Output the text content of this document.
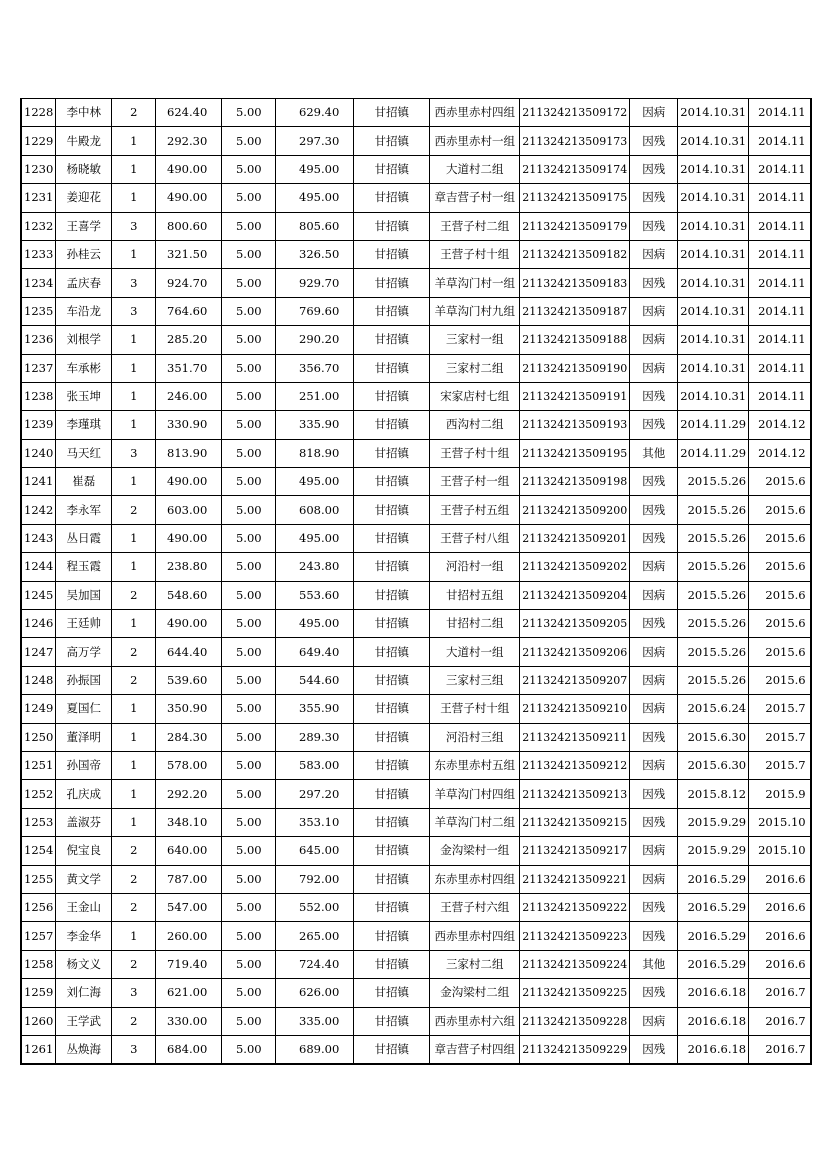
1228	李中林	2	624.40	5.00	629.40	甘招镇	西赤里赤村四组	211324213509172	因病	2014.10.31	2014.11
1229	牛殿龙	1	292.30	5.00	297.30	甘招镇	西赤里赤村一组	211324213509173	因残	2014.10.31	2014.11
1230	杨晓敏	1	490.00	5.00	495.00	甘招镇	大道村二组	211324213509174	因残	2014.10.31	2014.11
1231	姜迎花	1	490.00	5.00	495.00	甘招镇	章吉营子村一组	211324213509175	因残	2014.10.31	2014.11
1232	王喜学	3	800.60	5.00	805.60	甘招镇	王营子村二组	211324213509179	因残	2014.10.31	2014.11
1233	孙桂云	1	321.50	5.00	326.50	甘招镇	王营子村十组	211324213509182	因病	2014.10.31	2014.11
1234	孟庆春	3	924.70	5.00	929.70	甘招镇	羊草沟门村一组	211324213509183	因残	2014.10.31	2014.11
1235	车沿龙	3	764.60	5.00	769.60	甘招镇	羊草沟门村九组	211324213509187	因病	2014.10.31	2014.11
1236	刘根学	1	285.20	5.00	290.20	甘招镇	三家村一组	211324213509188	因病	2014.10.31	2014.11
1237	车承彬	1	351.70	5.00	356.70	甘招镇	三家村二组	211324213509190	因病	2014.10.31	2014.11
1238	张玉坤	1	246.00	5.00	251.00	甘招镇	宋家店村七组	211324213509191	因残	2014.10.31	2014.11
1239	李瑾琪	1	330.90	5.00	335.90	甘招镇	西沟村二组	211324213509193	因残	2014.11.29	2014.12
1240	马天红	3	813.90	5.00	818.90	甘招镇	王营子村十组	211324213509195	其他	2014.11.29	2014.12
1241	崔磊	1	490.00	5.00	495.00	甘招镇	王营子村一组	211324213509198	因残	2015.5.26	2015.6
1242	李永军	2	603.00	5.00	608.00	甘招镇	王营子村五组	211324213509200	因残	2015.5.26	2015.6
1243	丛日霞	1	490.00	5.00	495.00	甘招镇	王营子村八组	211324213509201	因残	2015.5.26	2015.6
1244	程玉霞	1	238.80	5.00	243.80	甘招镇	河沿村一组	211324213509202	因病	2015.5.26	2015.6
1245	吴加国	2	548.60	5.00	553.60	甘招镇	甘招村五组	211324213509204	因病	2015.5.26	2015.6
1246	王廷帅	1	490.00	5.00	495.00	甘招镇	甘招村二组	211324213509205	因残	2015.5.26	2015.6
1247	高万学	2	644.40	5.00	649.40	甘招镇	大道村一组	211324213509206	因病	2015.5.26	2015.6
1248	孙振国	2	539.60	5.00	544.60	甘招镇	三家村三组	211324213509207	因病	2015.5.26	2015.6
1249	夏国仁	1	350.90	5.00	355.90	甘招镇	王营子村十组	211324213509210	因病	2015.6.24	2015.7
1250	董泽明	1	284.30	5.00	289.30	甘招镇	河沿村三组	211324213509211	因残	2015.6.30	2015.7
1251	孙国帝	1	578.00	5.00	583.00	甘招镇	东赤里赤村五组	211324213509212	因病	2015.6.30	2015.7
1252	孔庆成	1	292.20	5.00	297.20	甘招镇	羊草沟门村四组	211324213509213	因残	2015.8.12	2015.9
1253	盖淑芬	1	348.10	5.00	353.10	甘招镇	羊草沟门村二组	211324213509215	因残	2015.9.29	2015.10
1254	倪宝良	2	640.00	5.00	645.00	甘招镇	金沟梁村一组	211324213509217	因病	2015.9.29	2015.10
1255	黄文学	2	787.00	5.00	792.00	甘招镇	东赤里赤村四组	211324213509221	因病	2016.5.29	2016.6
1256	王金山	2	547.00	5.00	552.00	甘招镇	王营子村六组	211324213509222	因残	2016.5.29	2016.6
1257	李金华	1	260.00	5.00	265.00	甘招镇	西赤里赤村四组	211324213509223	因残	2016.5.29	2016.6
1258	杨文义	2	719.40	5.00	724.40	甘招镇	三家村二组	211324213509224	其他	2016.5.29	2016.6
1259	刘仁海	3	621.00	5.00	626.00	甘招镇	金沟梁村二组	211324213509225	因残	2016.6.18	2016.7
1260	王学武	2	330.00	5.00	335.00	甘招镇	西赤里赤村六组	211324213509228	因病	2016.6.18	2016.7
1261	丛焕海	3	684.00	5.00	689.00	甘招镇	章吉营子村四组	211324213509229	因残	2016.6.18	2016.7
